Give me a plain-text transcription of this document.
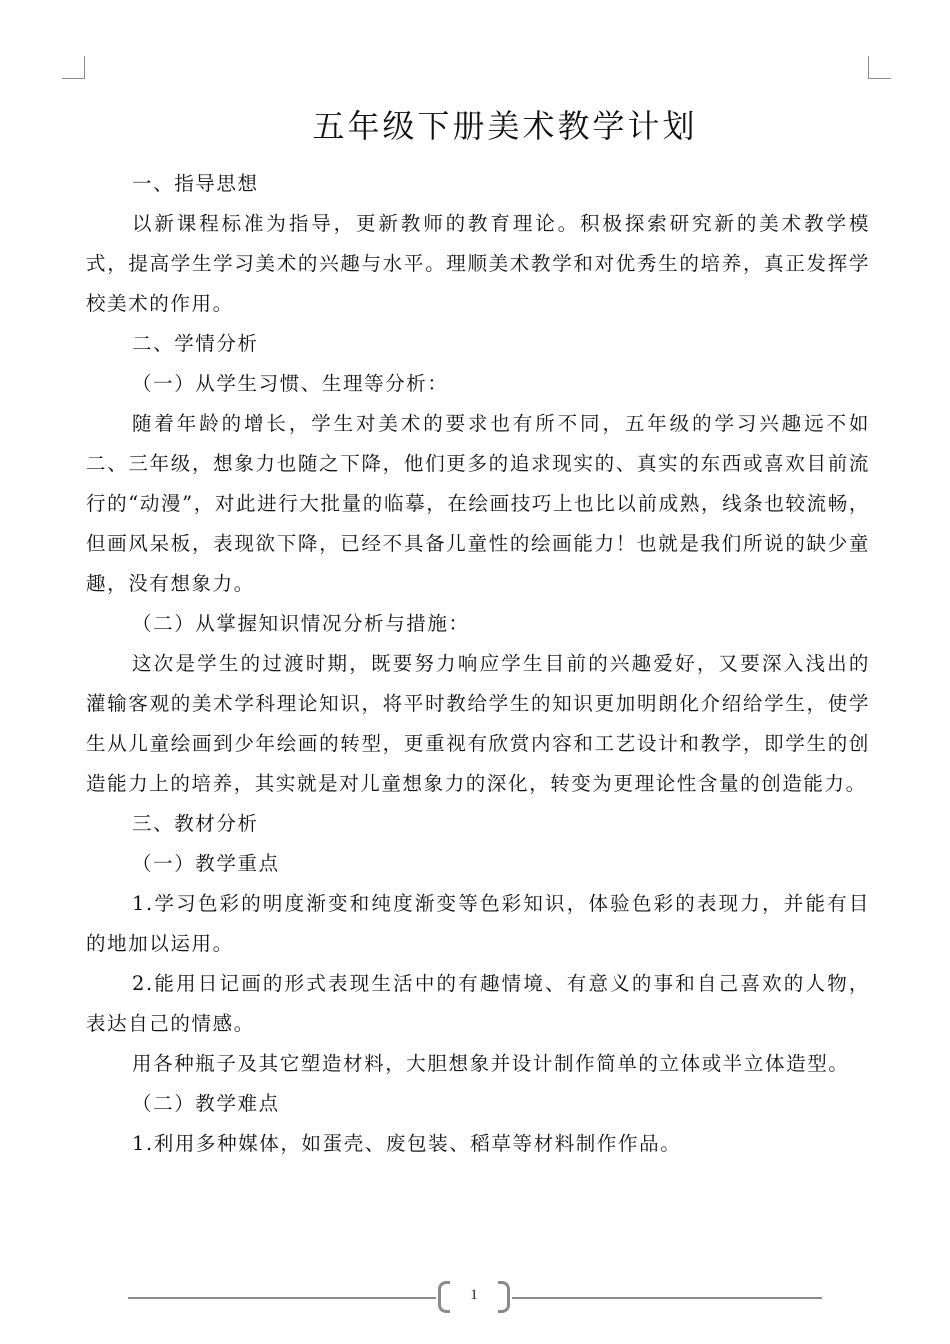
五年级下册美术教学计划

一、指导思想

以新课程标准为指导，更新教师的教育理论。积极探索研究新的美术教学模式，提高学生学习美术的兴趣与水平。理顺美术教学和对优秀生的培养，真正发挥学校美术的作用。

二、学情分析

（一）从学生习惯、生理等分析：

随着年龄的增长，学生对美术的要求也有所不同，五年级的学习兴趣远不如二、三年级，想象力也随之下降，他们更多的追求现实的、真实的东西或喜欢目前流行的“动漫”，对此进行大批量的临摹，在绘画技巧上也比以前成熟，线条也较流畅，但画风呆板，表现欲下降，已经不具备儿童性的绘画能力！也就是我们所说的缺少童趣，没有想象力。

（二）从掌握知识情况分析与措施：

这次是学生的过渡时期，既要努力响应学生目前的兴趣爱好，又要深入浅出的灌输客观的美术学科理论知识，将平时教给学生的知识更加明朗化介绍给学生，使学生从儿童绘画到少年绘画的转型，更重视有欣赏内容和工艺设计和教学，即学生的创造能力上的培养，其实就是对儿童想象力的深化，转变为更理论性含量的创造能力。

三、教材分析

（一）教学重点

1.学习色彩的明度渐变和纯度渐变等色彩知识，体验色彩的表现力，并能有目的地加以运用。

2.能用日记画的形式表现生活中的有趣情境、有意义的事和自己喜欢的人物，表达自己的情感。

用各种瓶子及其它塑造材料，大胆想象并设计制作简单的立体或半立体造型。

（二）教学难点

1.利用多种媒体，如蛋壳、废包装、稻草等材料制作作品。

1
